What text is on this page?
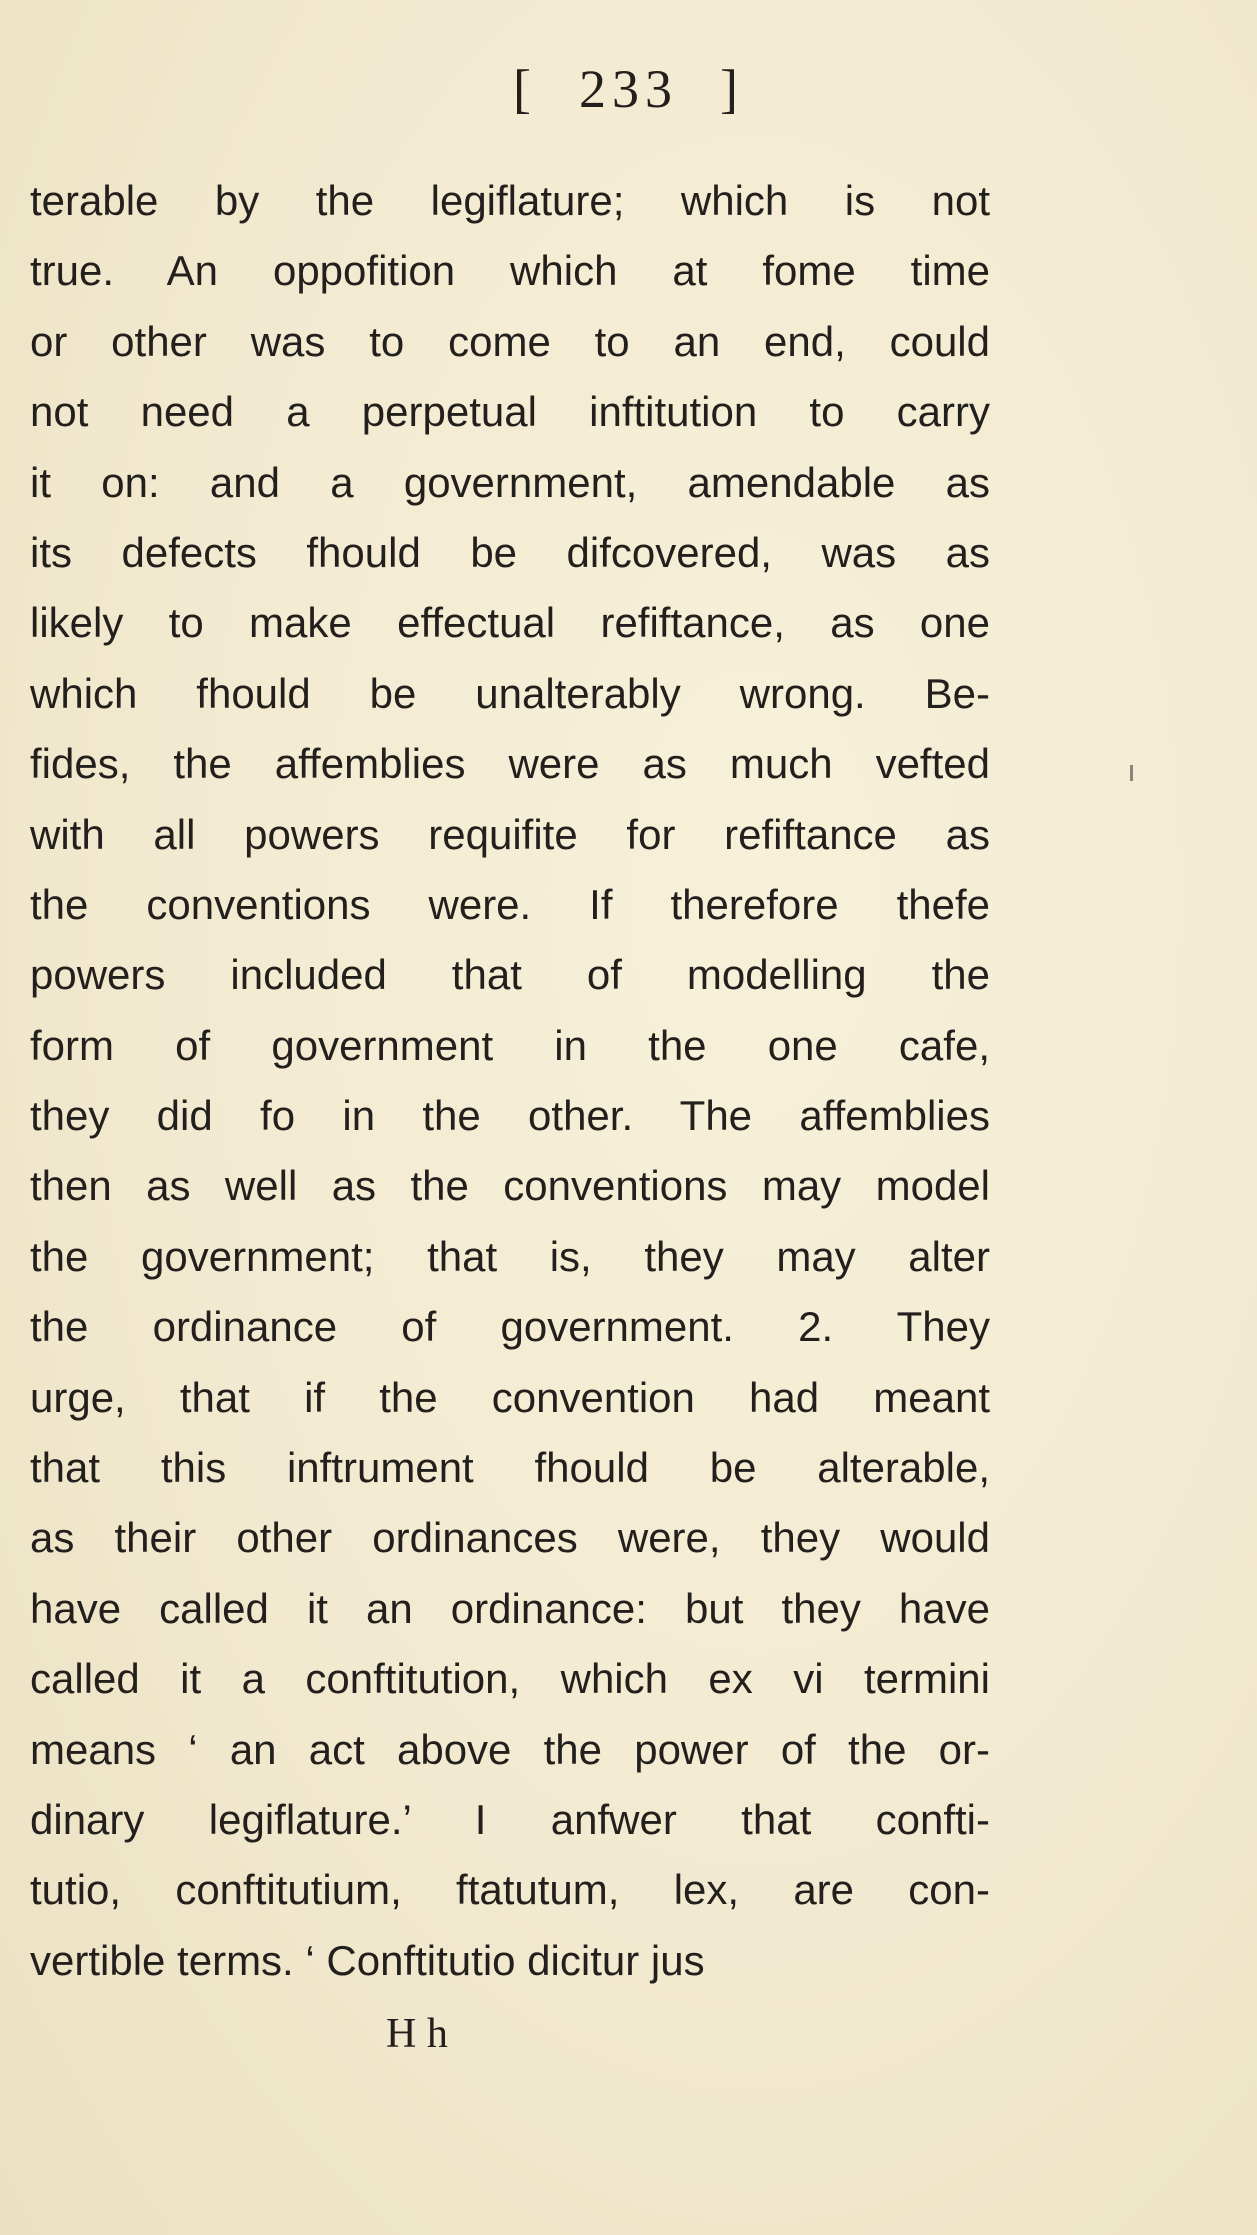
[ 233 ]
terable by the legiflature; which is not
true. An oppofition which at fome time
or other was to come to an end, could
not need a perpetual inftitution to carry
it on: and a government, amendable as
its defects fhould be difcovered, was as
likely to make effectual refiftance, as one
which fhould be unalterably wrong. Be-
fides, the affemblies were as much vefted
with all powers requifite for refiftance as
the conventions were. If therefore thefe
powers included that of modelling the
form of government in the one cafe,
they did fo in the other. The affemblies
then as well as the conventions may model
the government; that is, they may alter
the ordinance of government. 2. They
urge, that if the convention had meant
that this inftrument fhould be alterable,
as their other ordinances were, they would
have called it an ordinance: but they have
called it a conftitution, which ex vi termini
means ‘ an act above the power of the or-
dinary legiflature.’ I anfwer that confti-
tutio, conftitutium, ftatutum, lex, are con-
vertible terms. ‘ Conftitutio dicitur jus
H h
